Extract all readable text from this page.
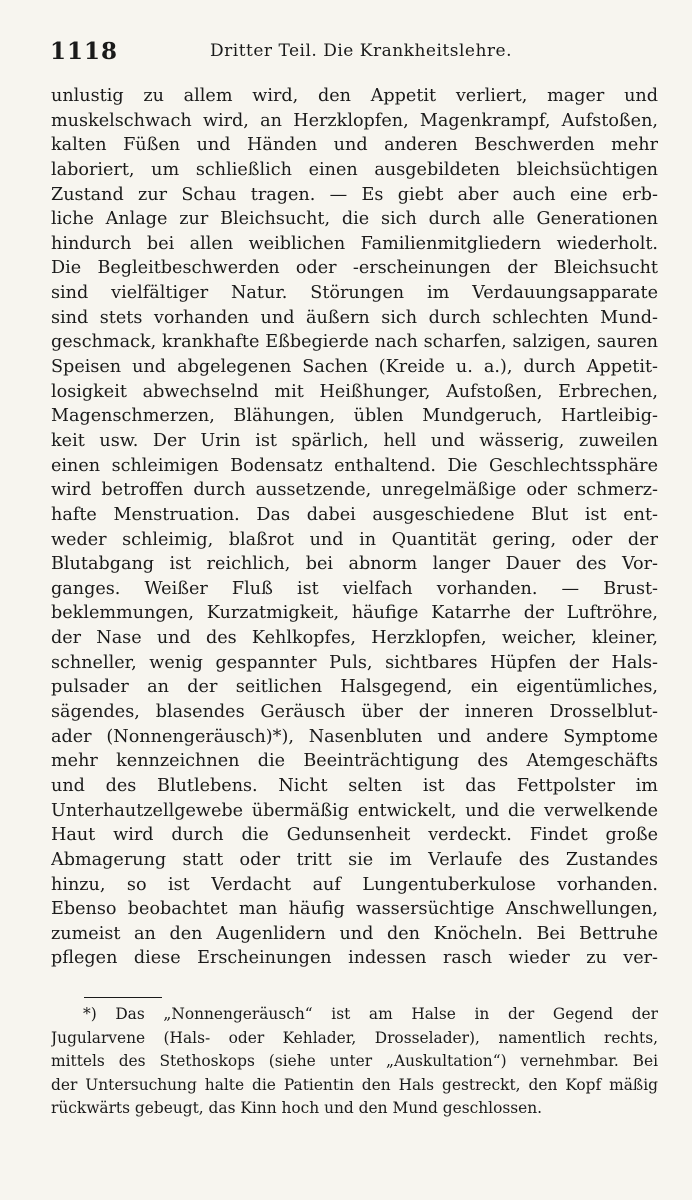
1118	Dritter Teil. Die Krankheitslehre.
unlustig zu allem wird, den Appetit verliert, mager und
muskelschwach wird, an Herzklopfen, Magenkrampf, Aufstoßen,
kalten Füßen und Händen und anderen Beschwerden mehr
laboriert, um schließlich einen ausgebildeten bleichsüchtigen
Zustand zur Schau tragen. — Es giebt aber auch eine erb-
liche Anlage zur Bleichsucht, die sich durch alle Generationen
hindurch bei allen weiblichen Familienmitgliedern wiederholt.
Die Begleitbeschwerden oder -erscheinungen der Bleichsucht
sind vielfältiger Natur. Störungen im Verdauungsapparate
sind stets vorhanden und äußern sich durch schlechten Mund-
geschmack, krankhafte Eßbegierde nach scharfen, salzigen, sauren
Speisen und abgelegenen Sachen (Kreide u. a.), durch Appetit-
losigkeit abwechselnd mit Heißhunger, Aufstoßen, Erbrechen,
Magenschmerzen, Blähungen, üblen Mundgeruch, Hartleibig-
keit usw. Der Urin ist spärlich, hell und wässerig, zuweilen
einen schleimigen Bodensatz enthaltend. Die Geschlechtssphäre
wird betroffen durch aussetzende, unregelmäßige oder schmerz-
hafte Menstruation. Das dabei ausgeschiedene Blut ist ent-
weder schleimig, blaßrot und in Quantität gering, oder der
Blutabgang ist reichlich, bei abnorm langer Dauer des Vor-
ganges. Weißer Fluß ist vielfach vorhanden. — Brust-
beklemmungen, Kurzatmigkeit, häufige Katarrhe der Luftröhre,
der Nase und des Kehlkopfes, Herzklopfen, weicher, kleiner,
schneller, wenig gespannter Puls, sichtbares Hüpfen der Hals-
pulsader an der seitlichen Halsgegend, ein eigentümliches,
sägendes, blasendes Geräusch über der inneren Drosselblut-
ader (Nonnengeräusch)*), Nasenbluten und andere Symptome
mehr kennzeichnen die Beeinträchtigung des Atemgeschäfts
und des Blutlebens. Nicht selten ist das Fettpolster im
Unterhautzellgewebe übermäßig entwickelt, und die verwelkende
Haut wird durch die Gedunsenheit verdeckt. Findet große
Abmagerung statt oder tritt sie im Verlaufe des Zustandes
hinzu, so ist Verdacht auf Lungentuberkulose vorhanden.
Ebenso beobachtet man häufig wassersüchtige Anschwellungen,
zumeist an den Augenlidern und den Knöcheln. Bei Bettruhe
pflegen diese Erscheinungen indessen rasch wieder zu ver-
*) Das „Nonnengeräusch“ ist am Halse in der Gegend der
Jugularvene (Hals- oder Kehlader, Drosselader), namentlich rechts,
mittels des Stethoskops (siehe unter „Auskultation“) vernehmbar. Bei
der Untersuchung halte die Patientin den Hals gestreckt, den Kopf mäßig
rückwärts gebeugt, das Kinn hoch und den Mund geschlossen.
